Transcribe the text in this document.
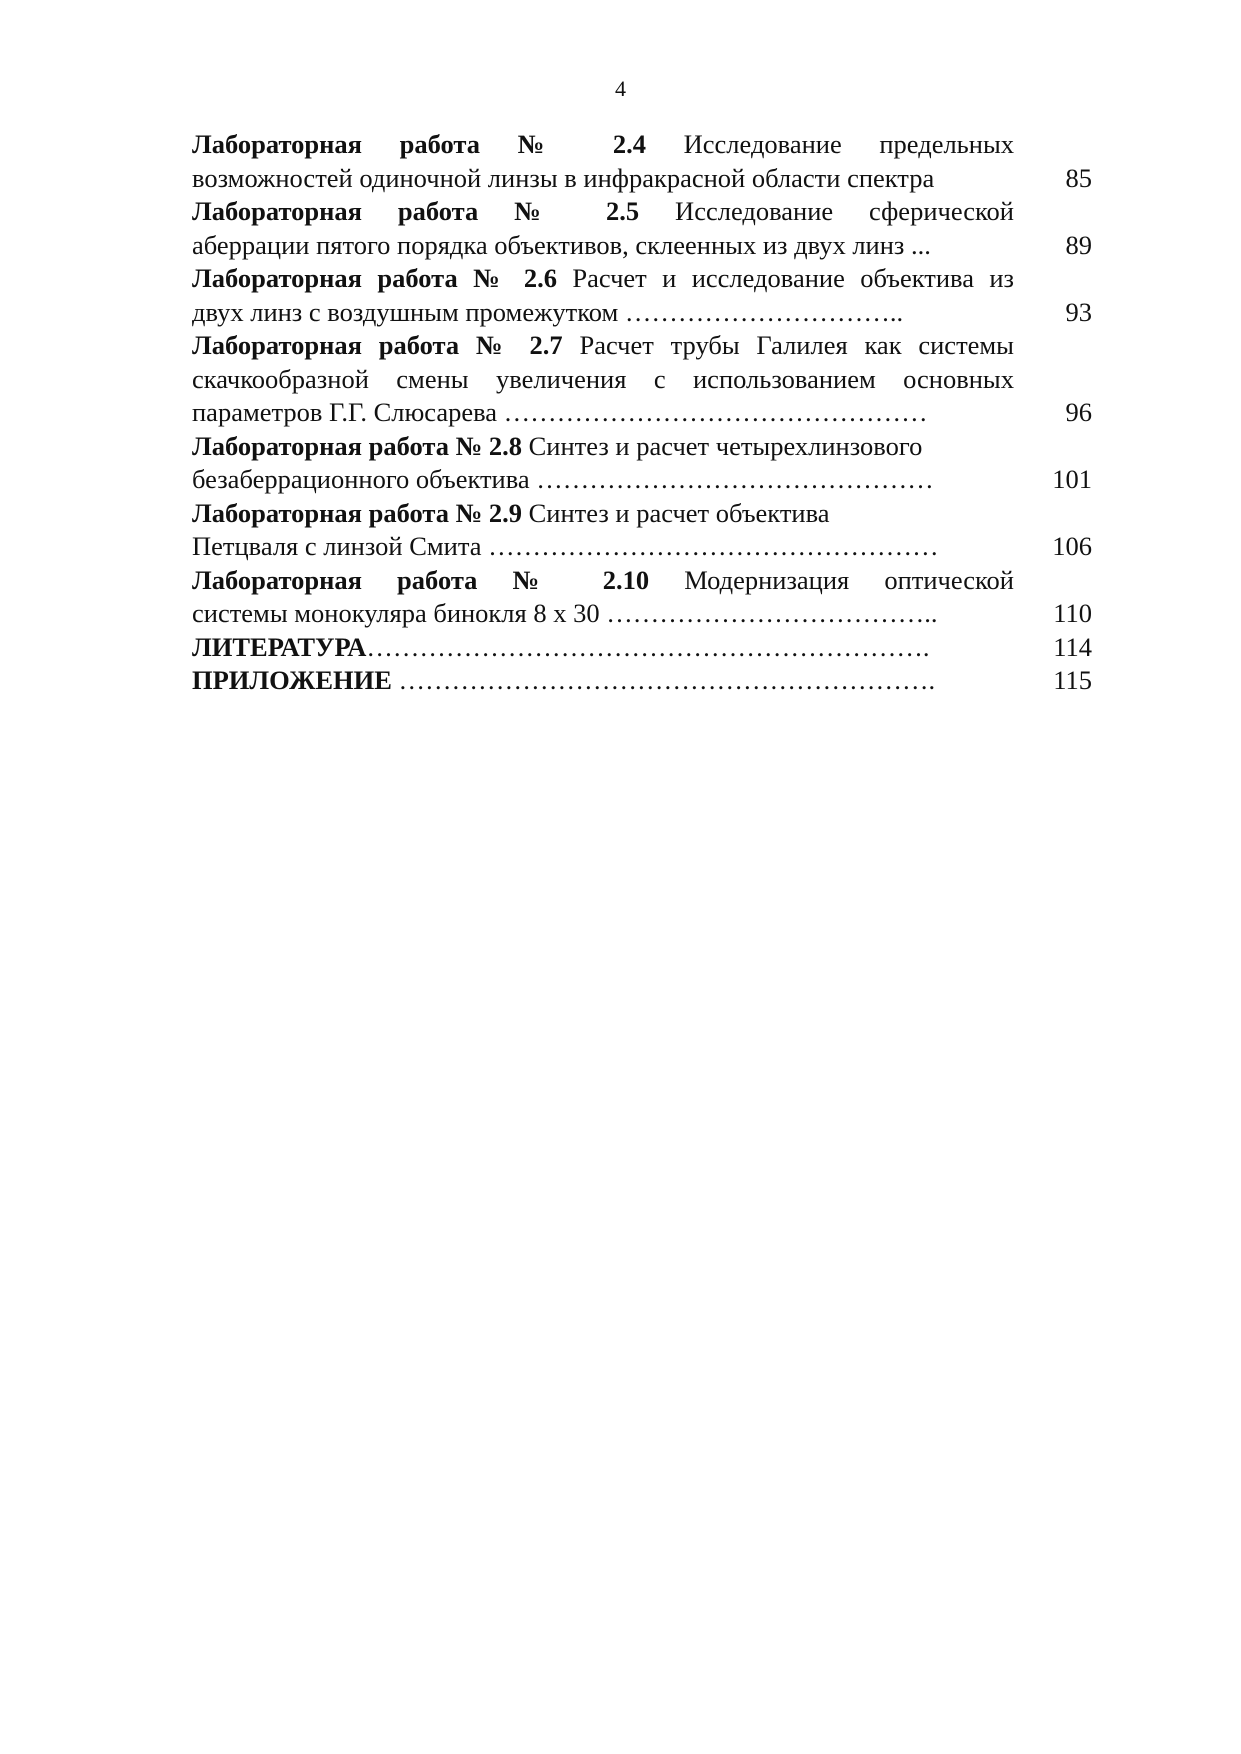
4
Лабораторная работа № 2.4 Исследование предельных
возможностей одиночной линзы в инфракрасной области спектра	85
Лабораторная работа № 2.5 Исследование сферической
аберрации пятого порядка объективов, склеенных из двух линз ...	89
Лабораторная работа № 2.6 Расчет и исследование объектива из
двух линз с воздушным промежутком …………………………..	93
Лабораторная работа № 2.7 Расчет трубы Галилея как системы
скачкообразной смены увеличения с использованием основных
параметров Г.Г. Слюсарева …………………………………………	96
Лабораторная работа № 2.8 Синтез и расчет четырехлинзового
безаберрационного объектива ………………………………………	101
Лабораторная работа № 2.9 Синтез и расчет объектива
Петцваля с линзой Смита ……………………………………………	106
Лабораторная работа № 2.10 Модернизация оптической
системы монокуляра бинокля 8 х 30 ………………………………..	110
ЛИТЕРАТУРА……………………………………………………….	114
ПРИЛОЖЕНИЕ …………………………………………………….	115
